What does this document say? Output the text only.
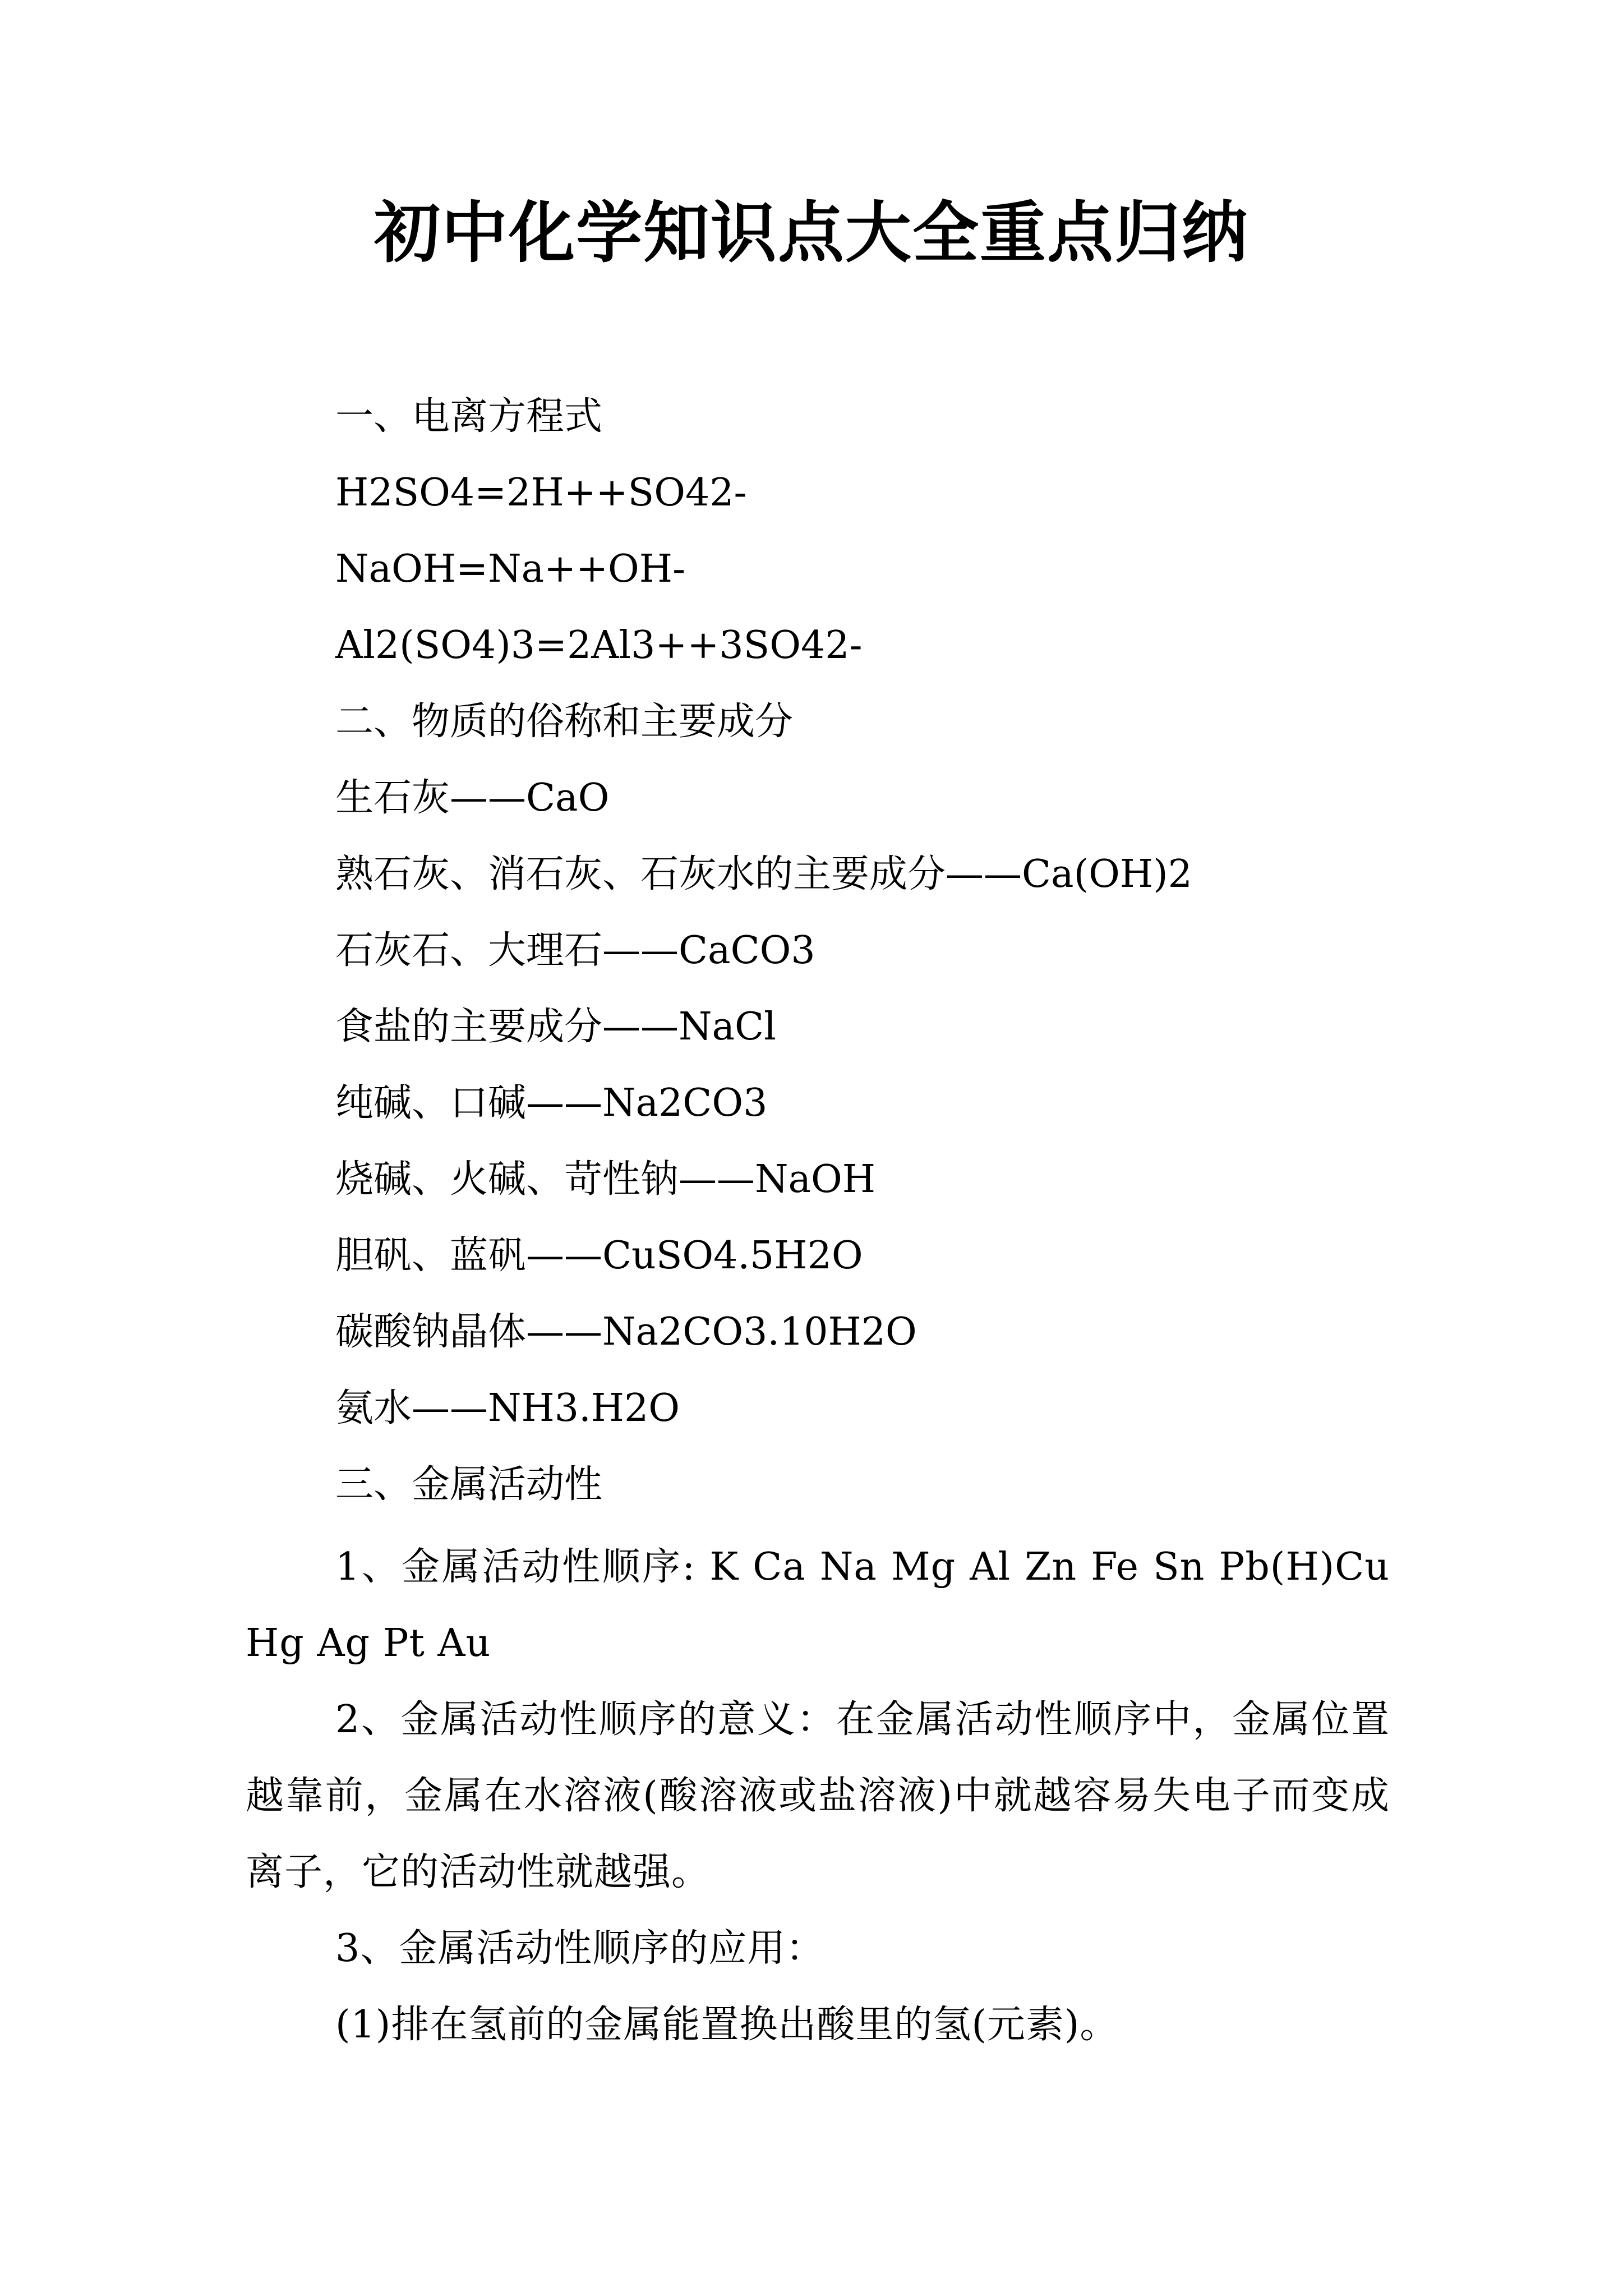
初中化学知识点大全重点归纳
一、电离方程式
H2SO4=2H++SO42-
NaOH=Na++OH-
Al2(SO4)3=2Al3++3SO42-
二、物质的俗称和主要成分
生石灰——CaO
熟石灰、消石灰、石灰水的主要成分——Ca(OH)2
石灰石、大理石——CaCO3
食盐的主要成分——NaCl
纯碱、口碱——Na2CO3
烧碱、火碱、苛性钠——NaOH
胆矾、蓝矾——CuSO4.5H2O
碳酸钠晶体——Na2CO3.10H2O
氨水——NH3.H2O
三、金属活动性
1、金属活动性顺序: K Ca Na Mg Al Zn Fe Sn Pb(H)Cu Hg Ag Pt Au
2、金属活动性顺序的意义：在金属活动性顺序中，金属位置越靠前，金属在水溶液(酸溶液或盐溶液)中就越容易失电子而变成离子，它的活动性就越强。
3、金属活动性顺序的应用：
(1)排在氢前的金属能置换出酸里的氢(元素)。
